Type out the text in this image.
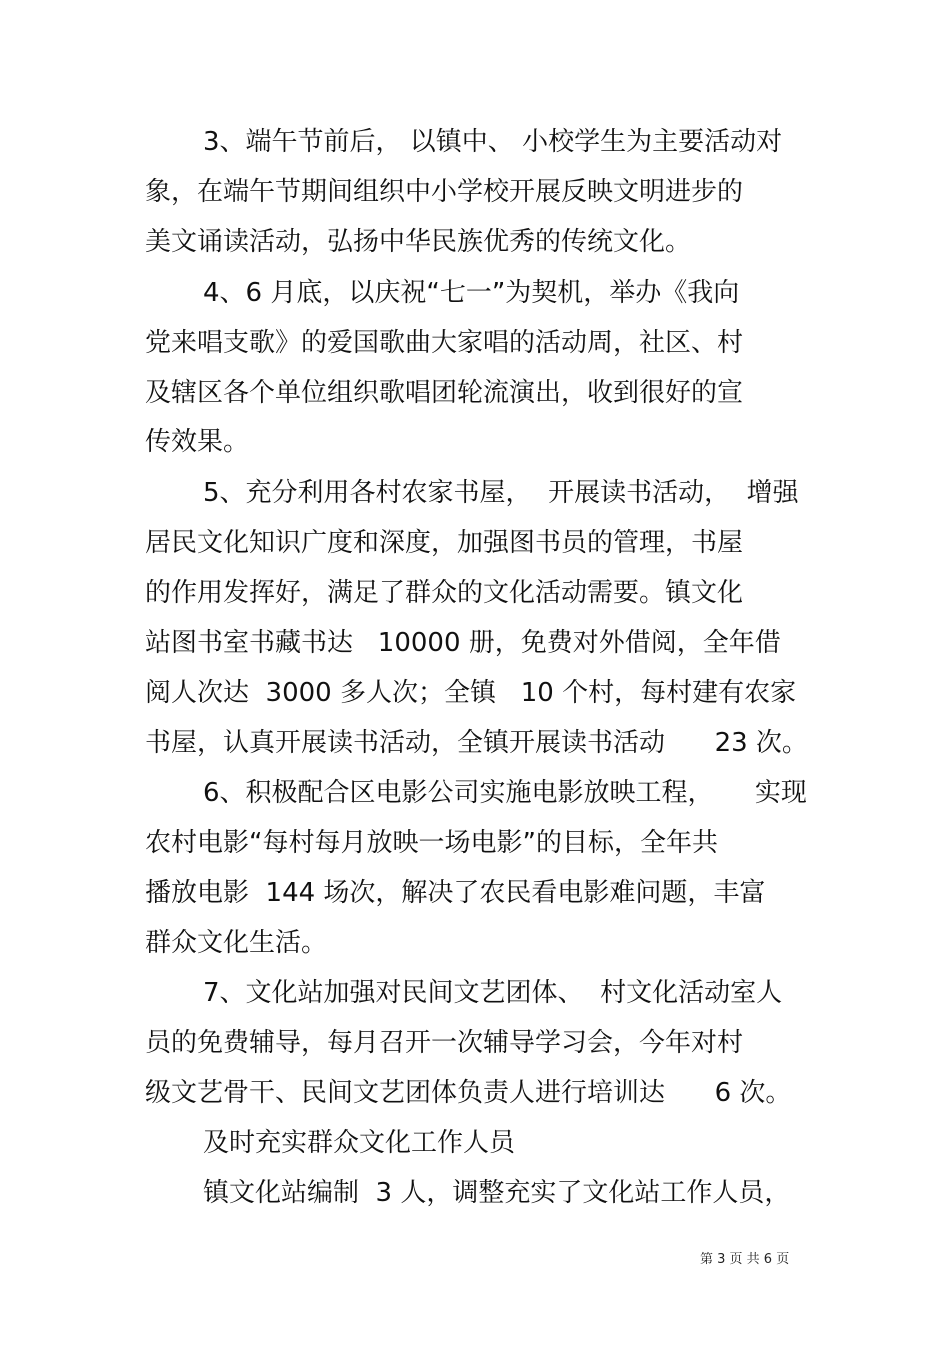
3、端午节前后， 以镇中、 小校学生为主要活动对
象，在端午节期间组织中小学校开展反映文明进步的
美文诵读活动，弘扬中华民族优秀的传统文化。
4、6 月底，以庆祝“七一”为契机，举办《我向
党来唱支歌》的爱国歌曲大家唱的活动周，社区、村
及辖区各个单位组织歌唱团轮流演出，收到很好的宣
传效果。
5、充分利用各村农家书屋，  开展读书活动，  增强
居民文化知识广度和深度，加强图书员的管理，书屋
的作用发挥好，满足了群众的文化活动需要。镇文化
站图书室书藏书达   10000 册，免费对外借阅，全年借
阅人次达  3000 多人次；全镇   10 个村，每村建有农家
书屋，认真开展读书活动，全镇开展读书活动      23 次。
6、积极配合区电影公司实施电影放映工程，     实现
农村电影“每村每月放映一场电影”的目标，全年共
播放电影  144 场次，解决了农民看电影难问题，丰富
群众文化生活。
7、文化站加强对民间文艺团体、  村文化活动室人
员的免费辅导，每月召开一次辅导学习会，今年对村
级文艺骨干、民间文艺团体负责人进行培训达      6 次。
及时充实群众文化工作人员
镇文化站编制  3 人，调整充实了文化站工作人员，
第 3 页 共 6 页
